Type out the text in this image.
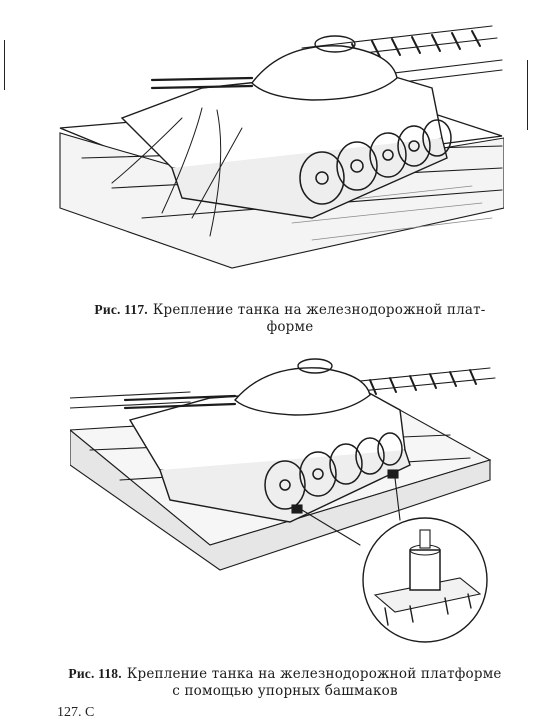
Рис. 117. Крепление танка на железнодорожной плат-
форме

Рис. 118. Крепление танка на железнодорожной платформе
с помощью упорных башмаков

127. С
